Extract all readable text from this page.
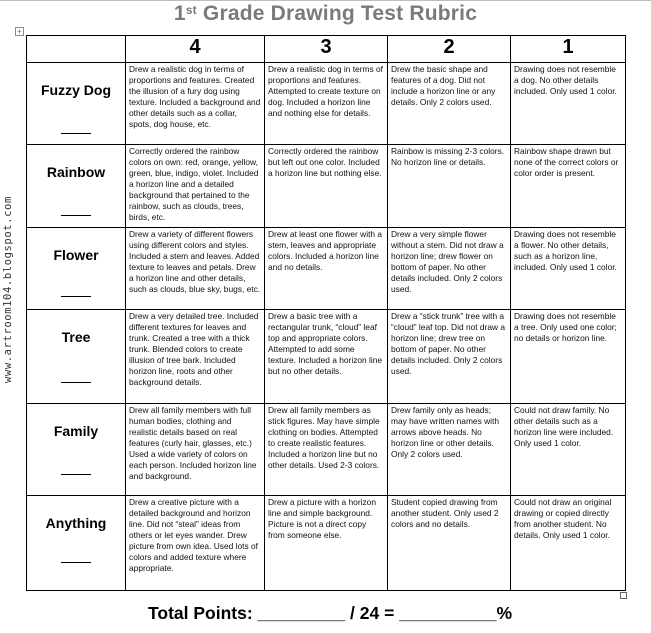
1st Grade Drawing Test Rubric
+
www.artroom104.blogspot.com
	4	3	2	1

Fuzzy Dog	Drew a realistic dog in terms of proportions and features. Created the illusion of a fury dog using texture. Included a background and other details such as a collar, spots, dog house, etc.	Drew a realistic dog in terms of proportions and features. Attempted to create texture on dog. Included a horizon line and nothing else for details.	Drew the basic shape and features of a dog. Did not include a horizon line or any details. Only 2 colors used.	Drawing does not resemble a dog. No other details included. Only used 1 color.

Rainbow	Correctly ordered the rainbow colors on own: red, orange, yellow, green, blue, indigo, violet. Included a horizon line and a detailed background that pertained to the rainbow, such as clouds, trees, birds, etc.	Correctly ordered the rainbow but left out one color. Included a horizon line but nothing else.	Rainbow is missing 2-3 colors. No horizon line or details.	Rainbow shape drawn but none of the correct colors or color order is present.

Flower	Drew a variety of different flowers using different colors and styles. Included a stem and leaves. Added texture to leaves and petals. Drew a horizon line and other details, such as clouds, blue sky, bugs, etc.	Drew at least one flower with a stem, leaves and appropriate colors. Included a horizon line and no details.	Drew a very simple flower without a stem. Did not draw a horizon line; drew flower on bottom of paper. No other details included. Only 2 colors used.	Drawing does not resemble a flower. No other details, such as a horizon line, included. Only used 1 color.

Tree	Drew a very detailed tree. Included different textures for leaves and trunk. Created a tree with a thick trunk. Blended colors to create illusion of tree bark. Included horizon line, roots and other background details.	Drew a basic tree with a rectangular trunk, “cloud” leaf top and appropriate colors. Attempted to add some texture. Included a horizon line but no other details.	Drew a “stick trunk” tree with a “cloud” leaf top. Did not draw a horizon line; drew tree on bottom of paper. No other details included. Only 2 colors used.	Drawing does not resemble a tree. Only used one color; no details or horizon line.

Family	Drew all family members with full human bodies, clothing and realistic details based on real features (curly hair, glasses, etc.) Used a wide variety of colors on each person. Included horizon line and background.	Drew all family members as stick figures. May have simple clothing on bodies. Attempted to create realistic features. Included a horizon line but no other details. Used 2-3 colors.	Drew family only as heads; may have written names with arrows above heads. No horizon line or other details. Only 2 colors used.	Could not draw family. No other details such as a horizon line were included. Only used 1 color.

Anything	Drew a creative picture with a detailed background and horizon line. Did not “steal” ideas from others or let eyes wander. Drew picture from own idea. Used lots of colors and added texture where appropriate.	Drew a picture with a horizon line and simple background. Picture is not a direct copy from someone else.	Student copied drawing from another student. Only used 2 colors and no details.	Could not draw an original drawing or copied directly from another student. No details. Only used 1 color.
Total Points: _________ / 24 = __________%
